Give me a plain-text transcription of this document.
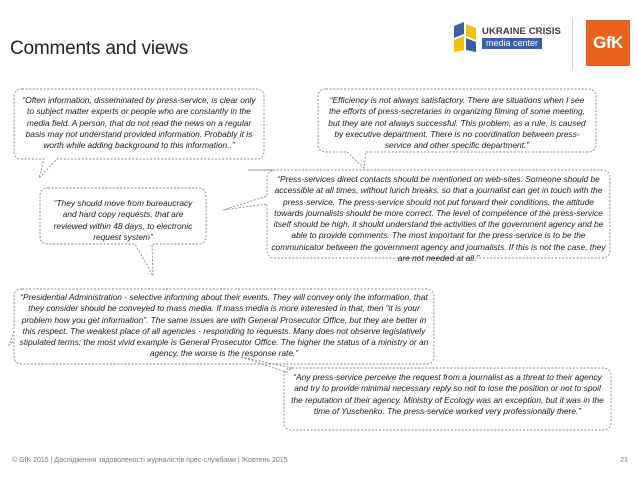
Comments and views
UKRAINE CRISIS
media center	GfK
“Often information, disseminated by press-service, is clear only to subject matter experts or people who are constantly in the media field. A person, that do not read the news on a regular basis may not understand provided information. Probably it is worth while adding background to this information..”
“Efficiency is not always satisfactory. There are situations when I see the efforts of press-secretaries in organizing filming of some meeting, but they are not always successful. This problem, as a rule, is caused by executive department. There is no coordination between press-service and other specific department.”
“They should move from bureaucracy and hard copy requests, that are reviewed within 48 days, to electronic request system”
“Press-services direct contacts should be mentioned on web-sites. Someone should be accessible at all times, without lunch breaks, so that a journalist can get in touch with the press-service. The press-service should not put forward their conditions, the attitude towards journalists should be more correct. The level of competence of the press-service itself should be high, it should understand the activities of the government agency and be able to provide comments. The most important for the press-service is to be the communicator between the government agency and journalists. If this is not the case, they are not needed at all.”
“Presidential Administration - selective informing about their events. They will convey only the information, that they consider should be conveyed to mass media. If mass media is more interested in that, then “it is your problem how you get information”. The same issues are with General Prosecutor Office, but they are better in this respect. The weakest place of all agencies - responding to requests. Many does not observe legislatively stipulated terms: the most vivid example is General Prosecutor Office. The higher the status of a ministry or an agency, the worse is the response rate.”
“Any press-service perceive the request from a journalist as a threat to their agency and try to provide minimal necessary reply so not to lose the position or not to spoil the reputation of their agency. Ministry of Ecology was an exception, but it was in the time of Yuschenko. The press-service worked very professionally there.”
© GfK 2015 | Дослідження задоволеності журналістів прес-службами | Жовтень 2015	21
